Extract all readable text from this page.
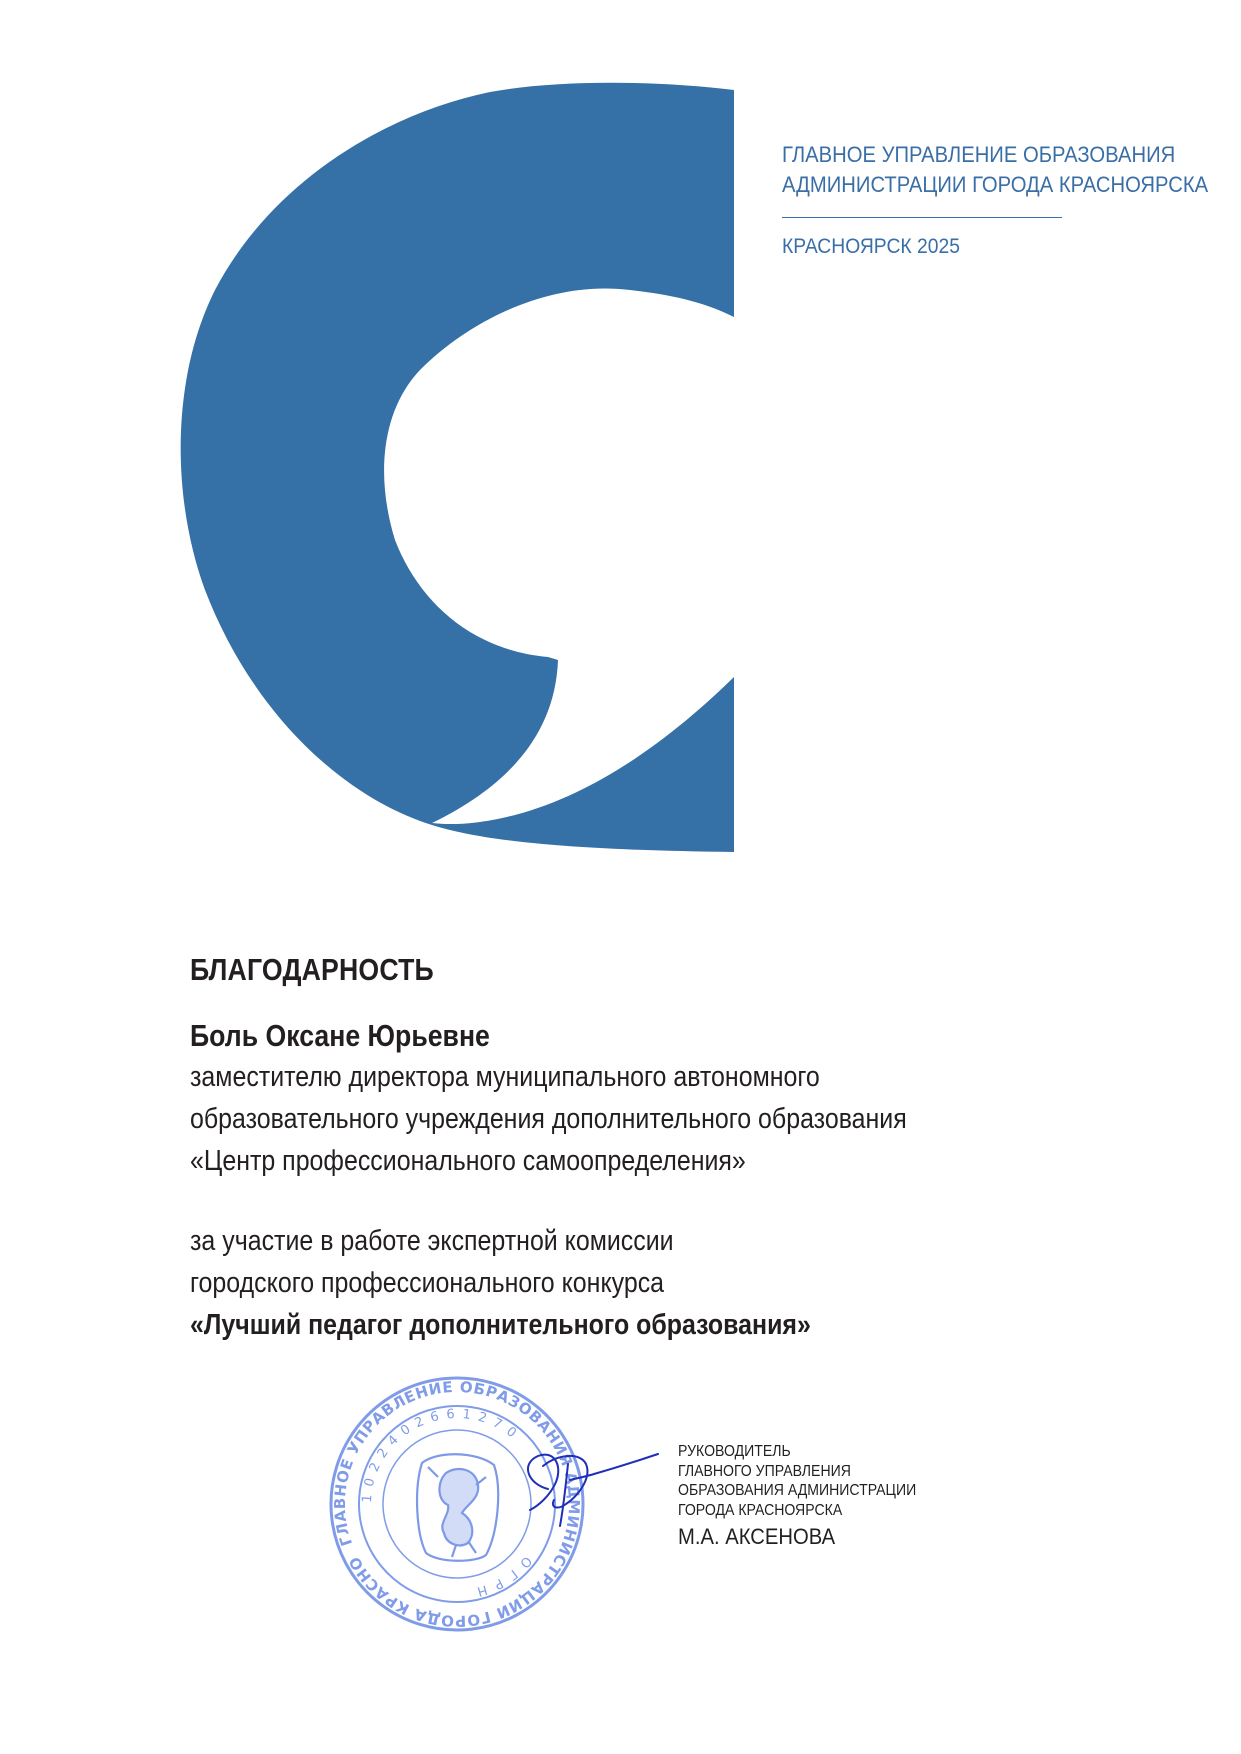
ГЛАВНОЕ УПРАВЛЕНИЕ ОБРАЗОВАНИЯ
АДМИНИСТРАЦИИ ГОРОДА КРАСНОЯРСКА
КРАСНОЯРСК 2025
БЛАГОДАРНОСТЬ
Боль Оксане Юрьевне
заместителю директора муниципального автономного
образовательного учреждения дополнительного образования
«Центр профессионального самоопределения»
за участие в работе экспертной комиссии
городского профессионального конкурса
«Лучший педагог дополнительного образования»
ГЛАВНОЕ УПРАВЛЕНИЕ ОБРАЗОВАНИЯ АДМИНИСТРАЦИИ ГОРОДА КРАСНОЯРСКА
1 0 2 2 4 0 2 6 6 1 2 7 0
О Г Р Н
РУКОВОДИТЕЛЬ
ГЛАВНОГО УПРАВЛЕНИЯ
ОБРАЗОВАНИЯ АДМИНИСТРАЦИИ
ГОРОДА КРАСНОЯРСКА
М.А. АКСЕНОВА
